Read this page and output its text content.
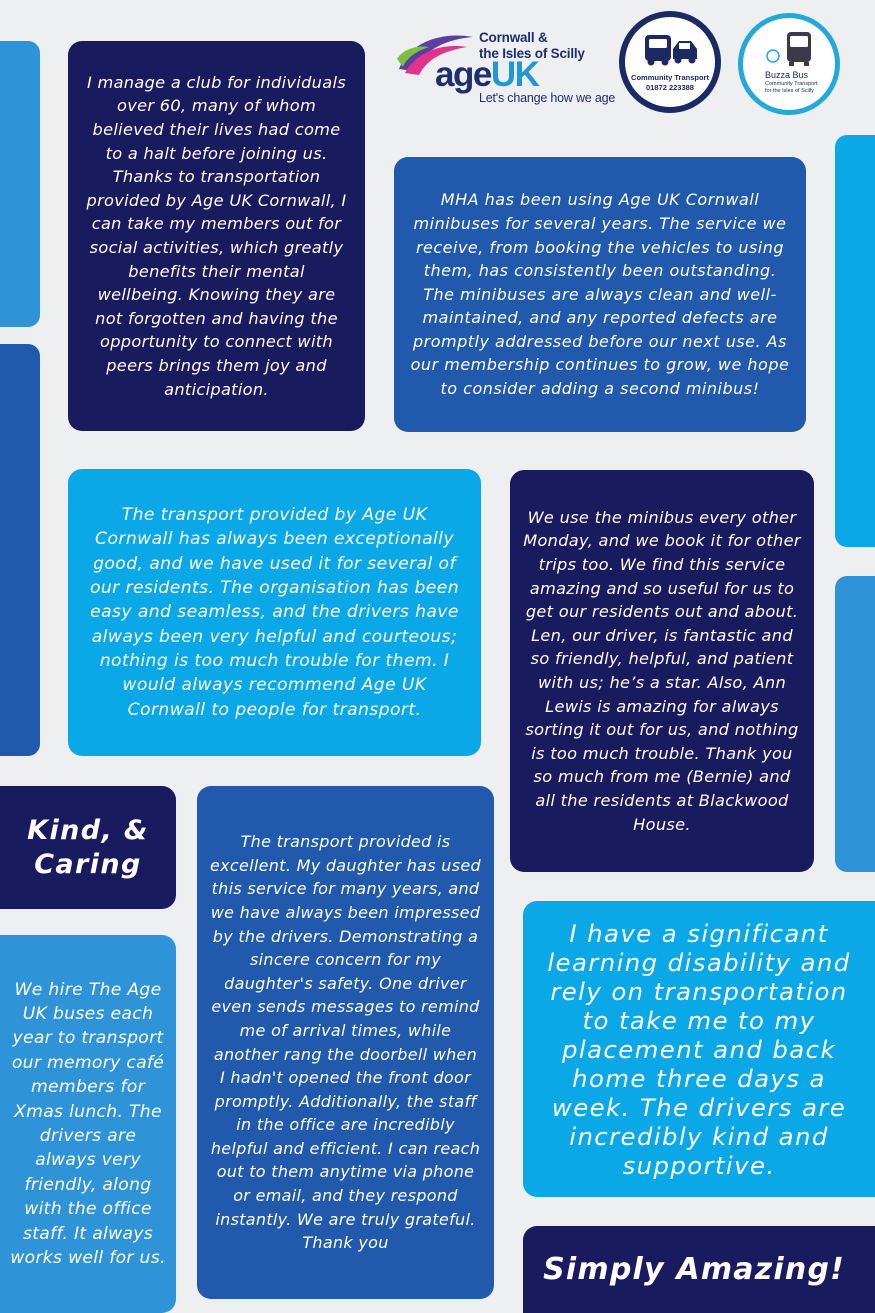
Cornwall &
the Isles of Scilly
ageUK
Let's change how we age
Community Transport
01872 223388
Buzza Bus
Community Transport
for the Isles of Scilly

I manage a club for individuals over 60, many of whom believed their lives had come to a halt before joining us. Thanks to transportation provided by Age UK Cornwall, I can take my members out for social activities, which greatly benefits their mental wellbeing. Knowing they are not forgotten and having the opportunity to connect with peers brings them joy and anticipation.

MHA has been using Age UK Cornwall minibuses for several years. The service we receive, from booking the vehicles to using them, has consistently been outstanding. The minibuses are always clean and well-maintained, and any reported defects are promptly addressed before our next use. As our membership continues to grow, we hope to consider adding a second minibus!

The transport provided by Age UK Cornwall has always been exceptionally good, and we have used it for several of our residents. The organisation has been easy and seamless, and the drivers have always been very helpful and courteous; nothing is too much trouble for them. I would always recommend Age UK Cornwall to people for transport.

We use the minibus every other Monday, and we book it for other trips too. We find this service amazing and so useful for us to get our residents out and about. Len, our driver, is fantastic and so friendly, helpful, and patient with us; he’s a star. Also, Ann Lewis is amazing for always sorting it out for us, and nothing is too much trouble. Thank you so much from me (Bernie) and all the residents at Blackwood House.

Kind, &
Caring

The transport provided is excellent. My daughter has used this service for many years, and we have always been impressed by the drivers. Demonstrating a sincere concern for my daughter's safety. One driver even sends messages to remind me of arrival times, while another rang the doorbell when I hadn't opened the front door promptly. Additionally, the staff in the office are incredibly helpful and efficient. I can reach out to them anytime via phone or email, and they respond instantly. We are truly grateful. Thank you

We hire The Age UK buses each year to transport our memory café members for Xmas lunch. The drivers are always very friendly, along with the office staff. It always works well for us.

I have a significant learning disability and rely on transportation to take me to my placement and back home three days a week. The drivers are incredibly kind and supportive.

Simply Amazing!
